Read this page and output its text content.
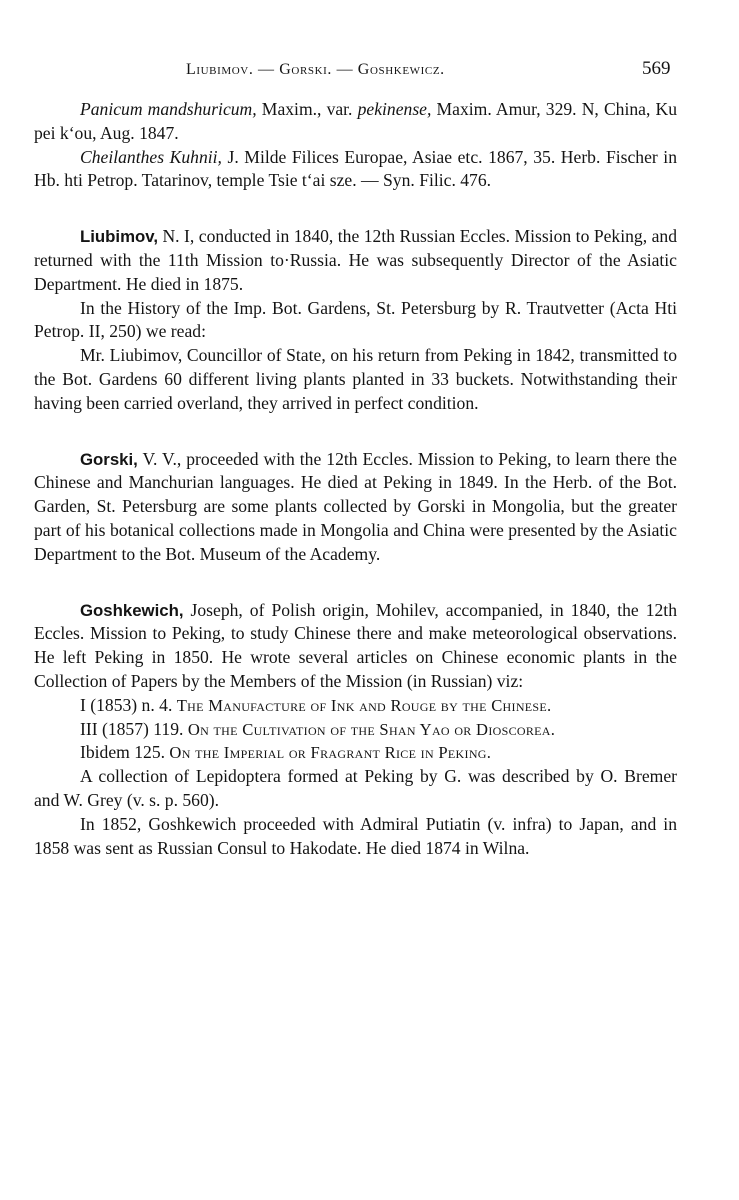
Liubimov. — Gorski. — Goshkewicz.	569

Panicum mandshuricum, Maxim., var. pekinense, Maxim. Amur, 329. N, China, Ku pei k‘ou, Aug. 1847.

Cheilanthes Kuhnii, J. Milde Filices Europae, Asiae etc. 1867, 35. Herb. Fischer in Hb. hti Petrop. Tatarinov, temple Tsie t‘ai sze. — Syn. Filic. 476.

Liubimov, N. I, conducted in 1840, the 12th Russian Eccles. Mission to Peking, and returned with the 11th Mission to·Russia. He was subsequently Director of the Asiatic Department. He died in 1875.

In the History of the Imp. Bot. Gardens, St. Petersburg by R. Trautvetter (Acta Hti Petrop. II, 250) we read:

Mr. Liubimov, Councillor of State, on his return from Peking in 1842, transmitted to the Bot. Gardens 60 different living plants planted in 33 buckets. Notwithstanding their having been carried overland, they arrived in perfect condition.

Gorski, V. V., proceeded with the 12th Eccles. Mission to Peking, to learn there the Chinese and Manchurian languages. He died at Peking in 1849. In the Herb. of the Bot. Garden, St. Petersburg are some plants collected by Gorski in Mongolia, but the greater part of his botanical collections made in Mongolia and China were presented by the Asiatic Department to the Bot. Museum of the Academy.

Goshkewich, Joseph, of Polish origin, Mohilev, accompanied, in 1840, the 12th Eccles. Mission to Peking, to study Chinese there and make meteorological observations. He left Peking in 1850. He wrote several articles on Chinese economic plants in the Collection of Papers by the Members of the Mission (in Russian) viz:

I (1853) n. 4. The Manufacture of Ink and Rouge by the Chinese.

III (1857) 119. On the Cultivation of the Shan Yao or Dioscorea.

Ibidem 125. On the Imperial or Fragrant Rice in Peking.

A collection of Lepidoptera formed at Peking by G. was described by O. Bremer and W. Grey (v. s. p. 560).

In 1852, Goshkewich proceeded with Admiral Putiatin (v. infra) to Japan, and in 1858 was sent as Russian Consul to Hakodate. He died 1874 in Wilna.
